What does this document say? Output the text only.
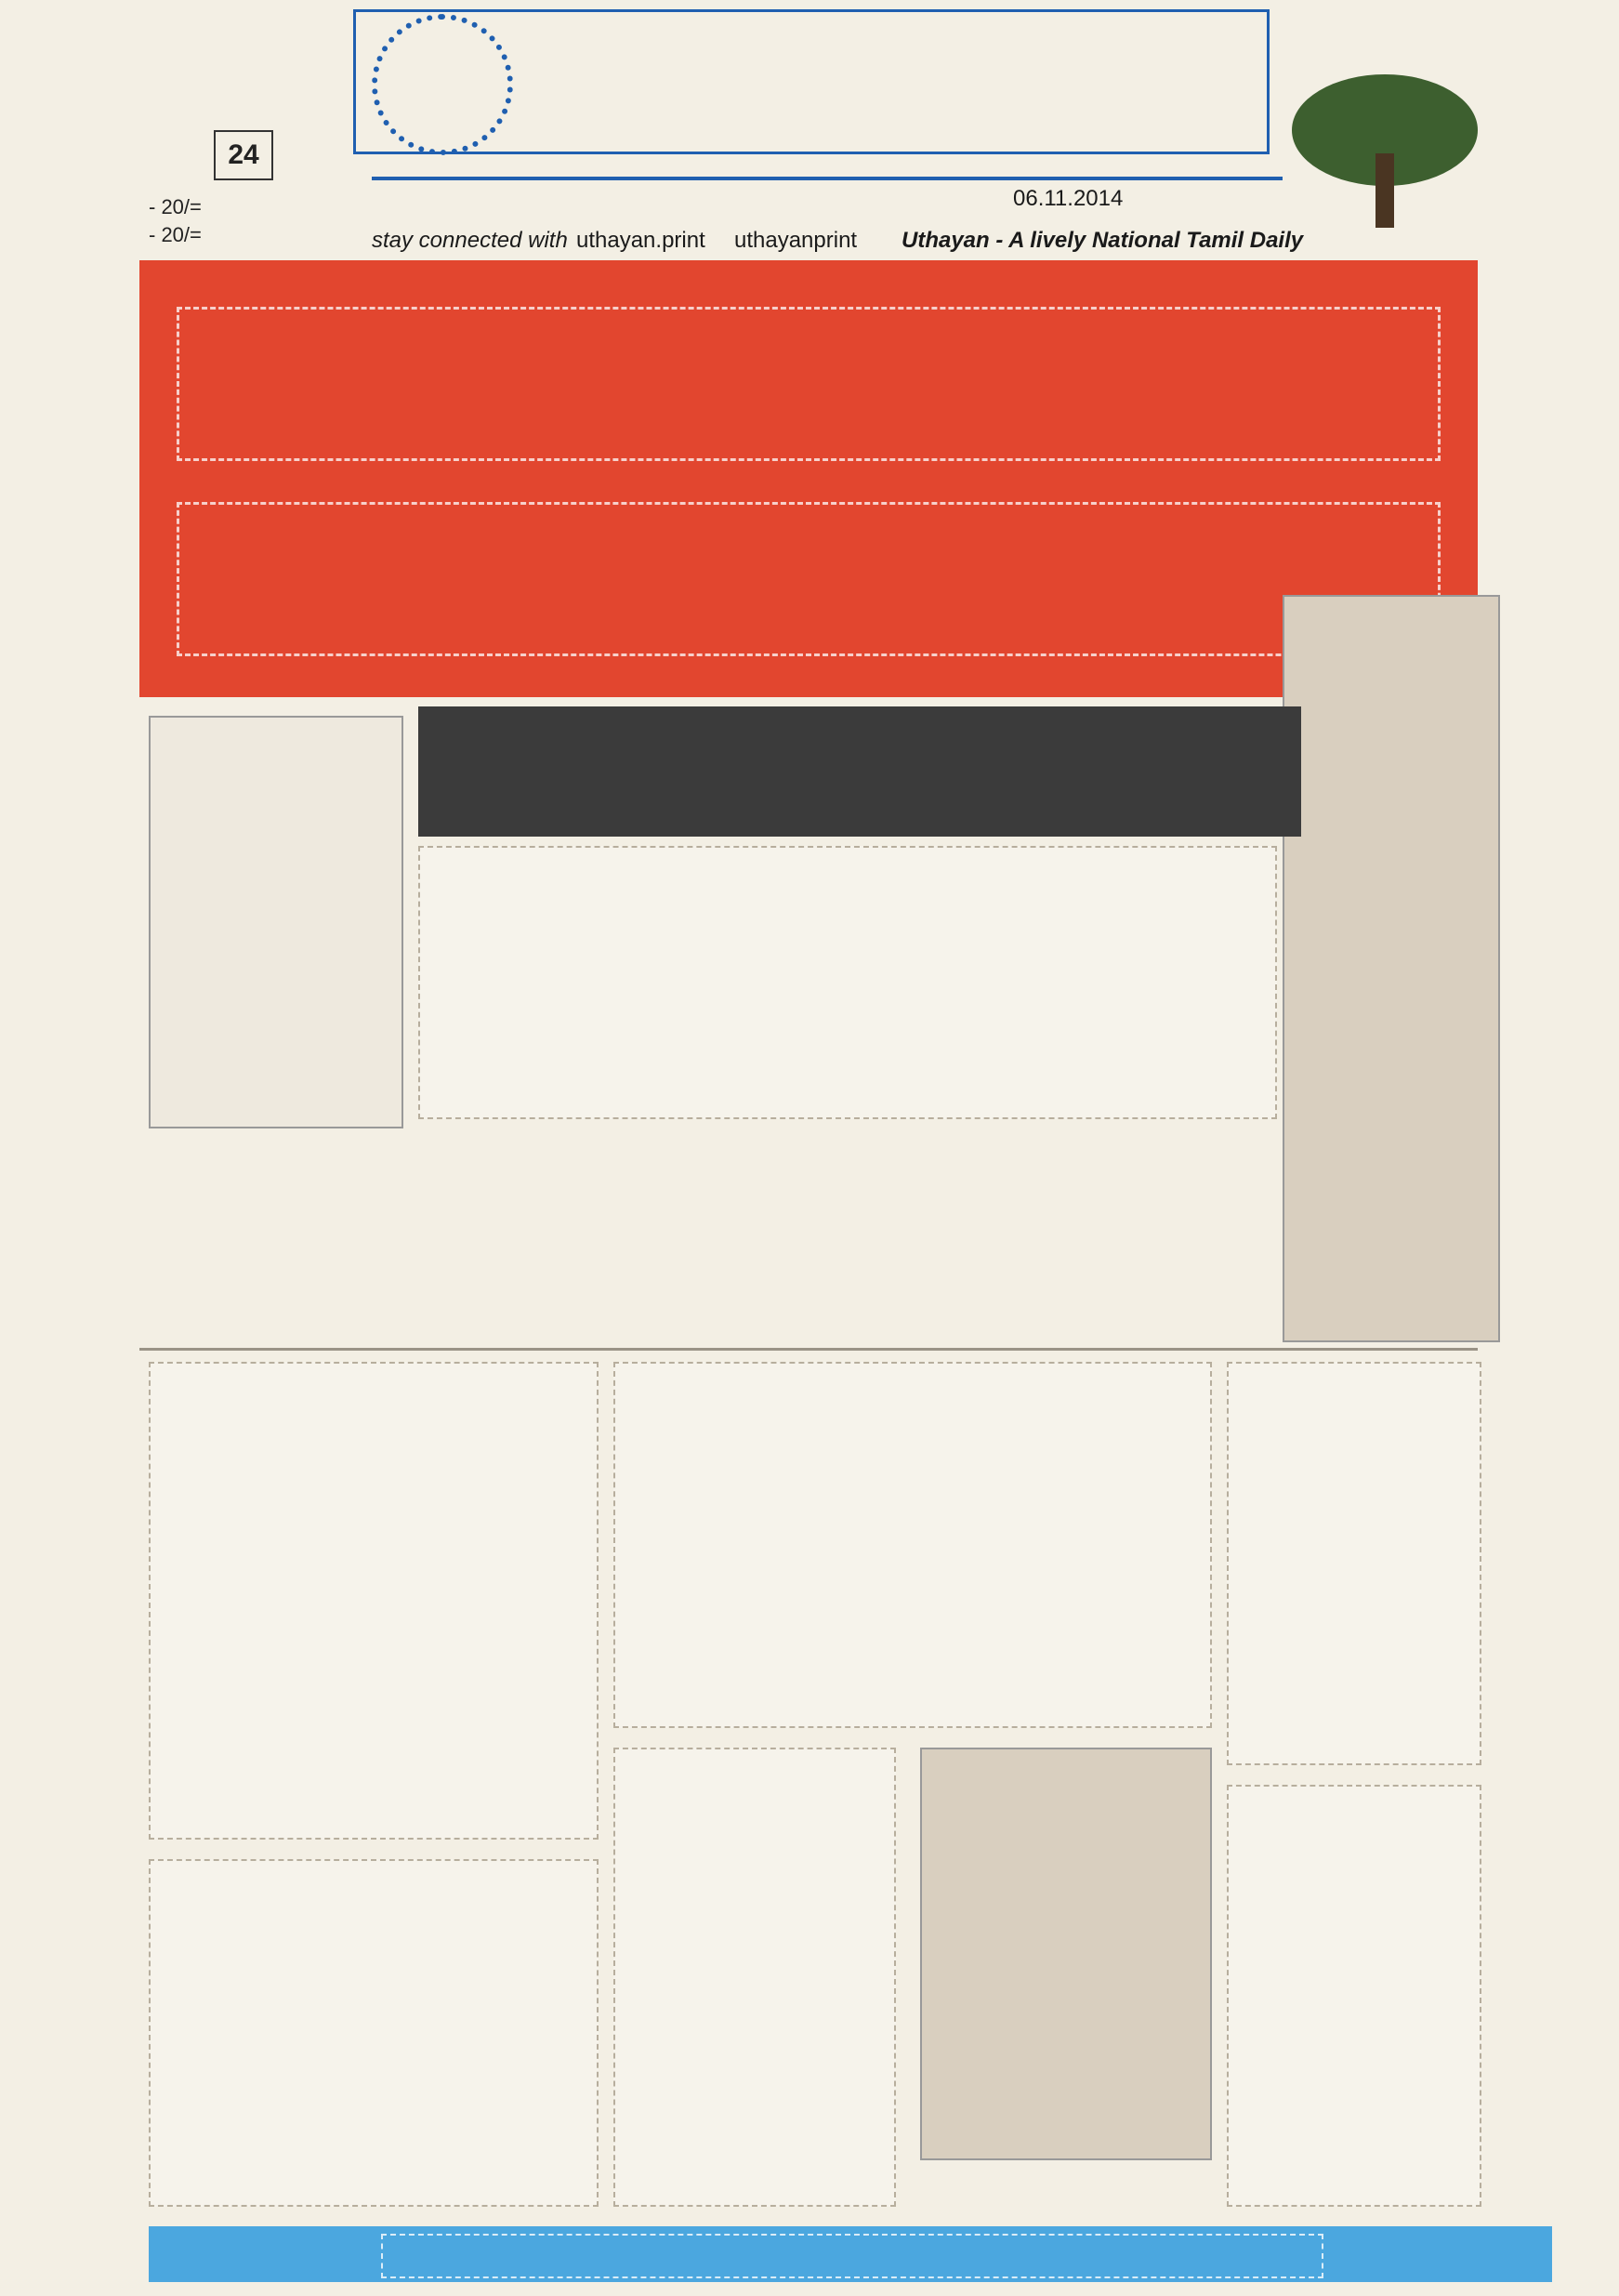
24
- 20/=
- 20/=
06.11.2014
stay connected with uthayan.print uthayanprint Uthayan - A lively National Tamil Daily
